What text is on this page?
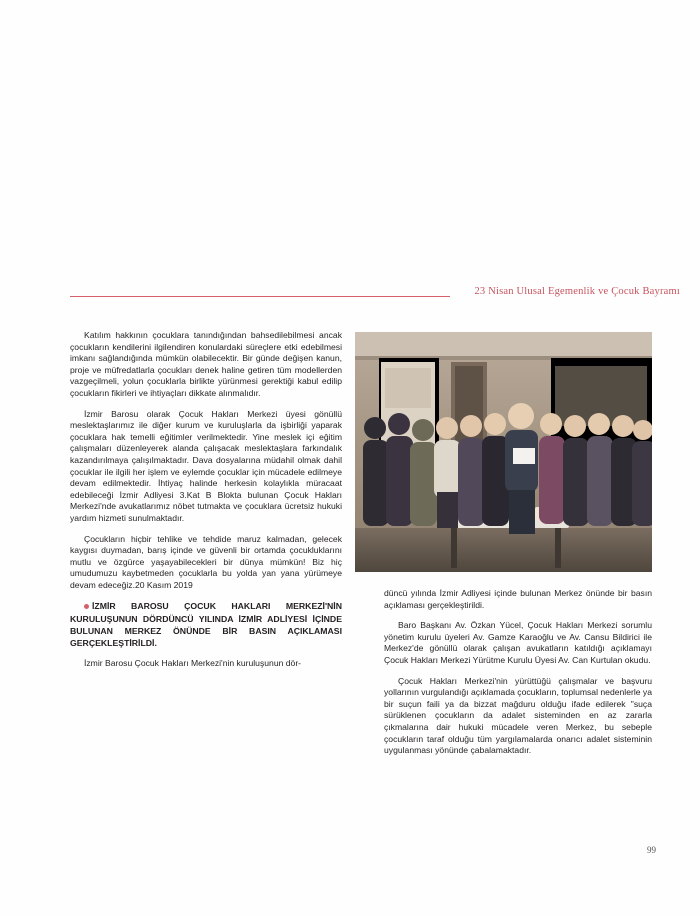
23 Nisan Ulusal Egemenlik ve Çocuk Bayramı

Katılım hakkının çocuklara tanındığından bahsedilebilmesi ancak çocukların kendilerini ilgilendiren konulardaki süreçlere etki edebilmesi imkanı sağlandığında mümkün olabilecektir. Bir günde değişen kanun, proje ve müfredatlarla çocukları denek haline getiren tüm modellerden vazgeçilmeli, yolun çocuklarla birlikte yürünmesi gerektiği kabul edilip çocukların fikirleri ve ihtiyaçları dikkate alınmalıdır.

İzmir Barosu olarak Çocuk Hakları Merkezi üyesi gönüllü meslektaşlarımız ile diğer kurum ve kuruluşlarla da işbirliği yaparak çocuklara hak temelli eğitimler verilmektedir. Yine meslek içi eğitim çalışmaları düzenleyerek alanda çalışacak meslektaşlara farkındalık kazandırılmaya çalışılmaktadır. Dava dosyalarına müdahil olmak dahil çocuklar ile ilgili her işlem ve eylemde çocuklar için mücadele edilmeye devam edilmektedir. İhtiyaç halinde herkesin kolaylıkla müracaat edebileceği İzmir Adliyesi 3.Kat B Blokta bulunan Çocuk Hakları Merkezi'nde avukatlarımız nöbet tutmakta ve çocuklara ücretsiz hukuki yardım hizmeti sunulmaktadır.

Çocukların hiçbir tehlike ve tehdide maruz kalmadan, gelecek kaygısı duymadan, barış içinde ve güvenli bir ortamda çocukluklarını mutlu ve özgürce yaşayabilecekleri bir dünya mümkün! Biz hiç umudumuzu kaybetmeden çocuklarla bu yolda yan yana yürümeye devam edeceğiz.20 Kasım 2019

İZMİR BAROSU ÇOCUK HAKLARI MERKEZİ'NİN KURULUŞUNUN DÖRDÜNCÜ YILINDA İZMİR ADLİYESİ İÇİNDE BULUNAN MERKEZ ÖNÜNDE BİR BASIN AÇIKLAMASI GERÇEKLEŞTİRİLDİ.

İzmir Barosu Çocuk Hakları Merkezi'nin kuruluşunun dör-

düncü yılında İzmir Adliyesi içinde bulunan Merkez önünde bir basın açıklaması gerçekleştirildi.

Baro Başkanı Av. Özkan Yücel, Çocuk Hakları Merkezi sorumlu yönetim kurulu üyeleri Av. Gamze Karaoğlu ve Av. Cansu Bildirici ile Merkez'de gönüllü olarak çalışan avukatların katıldığı açıklamayı Çocuk Hakları Merkezi Yürütme Kurulu Üyesi Av. Can Kurtulan okudu.

Çocuk Hakları Merkezi'nin yürüttüğü çalışmalar ve başvuru yollarının vurgulandığı açıklamada çocukların, toplumsal nedenlerle ya bir suçun faili ya da bizzat mağduru olduğu ifade edilerek "suça sürüklenen çocukların da adalet sisteminden en az zararla çıkmalarına dair hukuki mücadele veren Merkez, bu sebeple çocukların taraf olduğu tüm yargılamalarda onarıcı adalet sisteminin uygulanması yönünde çabalamaktadır.

99
